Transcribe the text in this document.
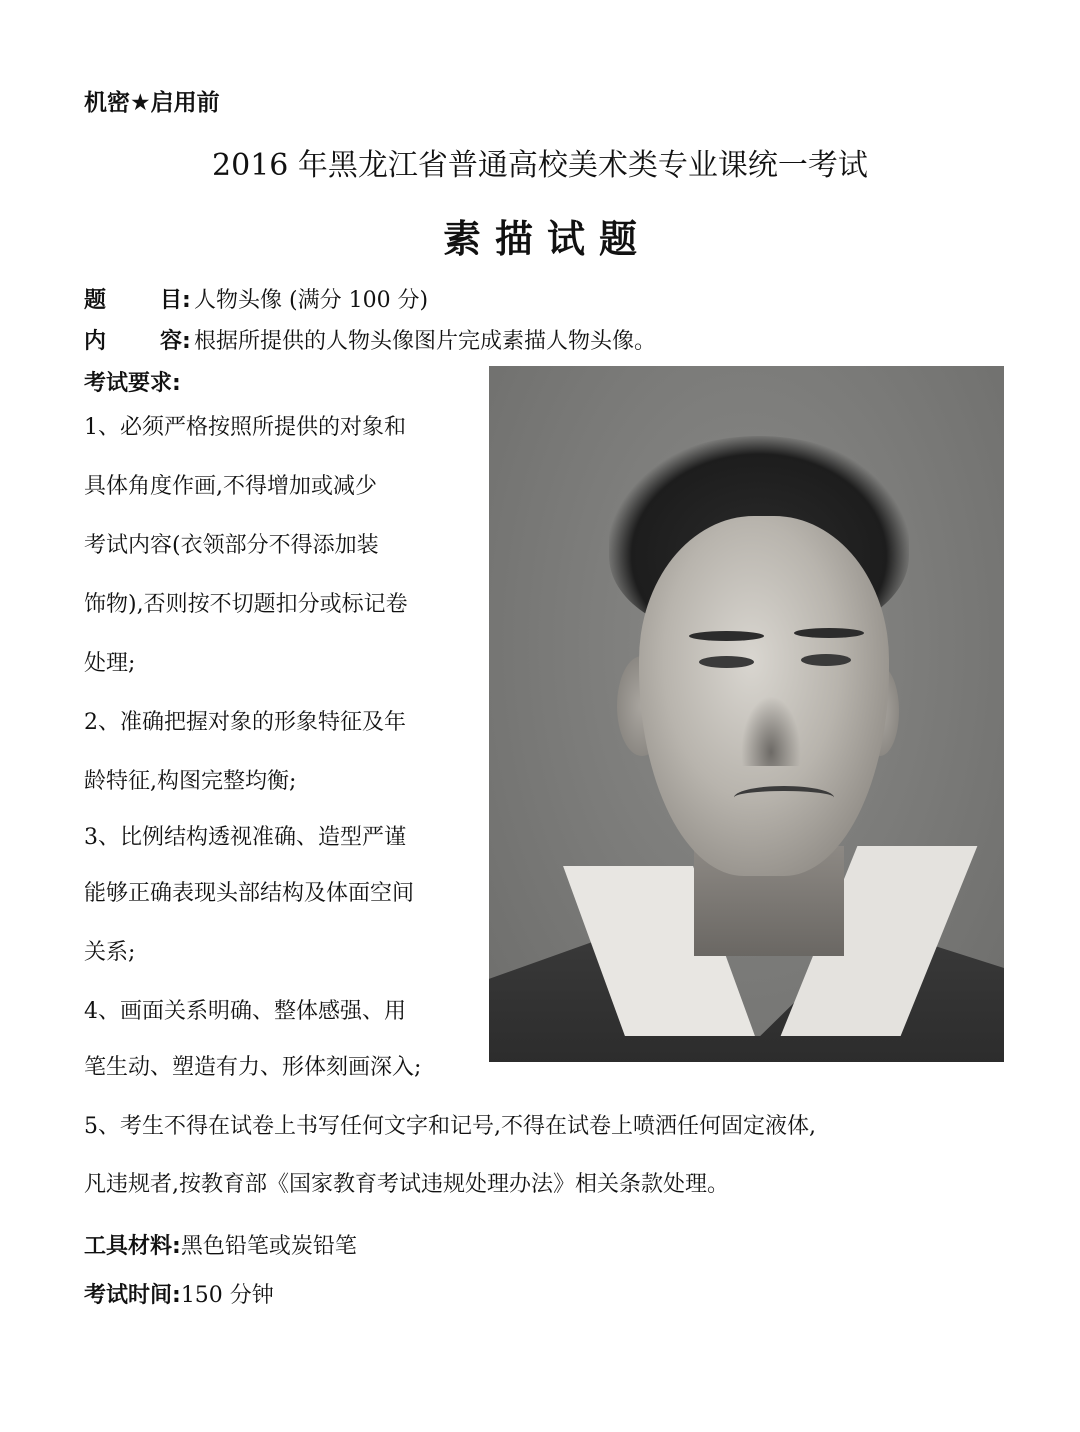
机密★启用前
2016 年黑龙江省普通高校美术类专业课统一考试
素描试题
题 目: 人物头像 (满分 100 分)
内 容: 根据所提供的人物头像图片完成素描人物头像。
考试要求:
1、必须严格按照所提供的对象和
具体角度作画,不得增加或减少
考试内容(衣领部分不得添加装
饰物),否则按不切题扣分或标记卷
处理;
2、准确把握对象的形象特征及年
龄特征,构图完整均衡;
3、比例结构透视准确、造型严谨
能够正确表现头部结构及体面空间
关系;
4、画面关系明确、整体感强、用
笔生动、塑造有力、形体刻画深入;
5、考生不得在试卷上书写任何文字和记号,不得在试卷上喷洒任何固定液体,
凡违规者,按教育部《国家教育考试违规处理办法》相关条款处理。
工具材料:黑色铅笔或炭铅笔
考试时间:150 分钟
